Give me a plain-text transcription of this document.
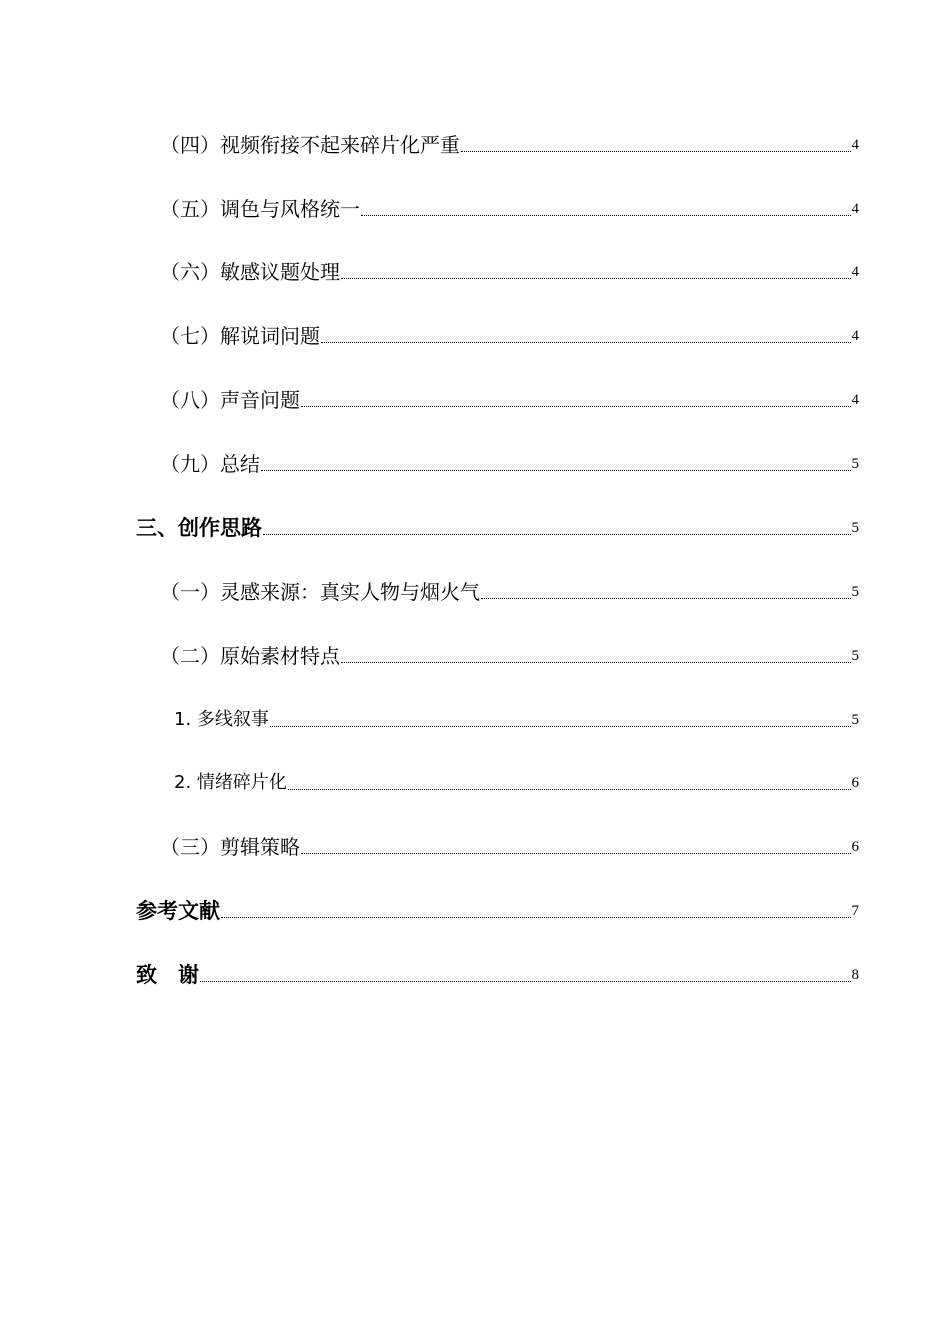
（四）视频衔接不起来碎片化严重	4
（五）调色与风格统一	4
（六）敏感议题处理	4
（七）解说词问题	4
（八）声音问题	4
（九）总结	5
三、创作思路	5
（一）灵感来源：真实人物与烟火气	5
（二）原始素材特点	5
1. 多线叙事	5
2. 情绪碎片化	6
（三）剪辑策略	6
参考文献	7
致　谢	8
